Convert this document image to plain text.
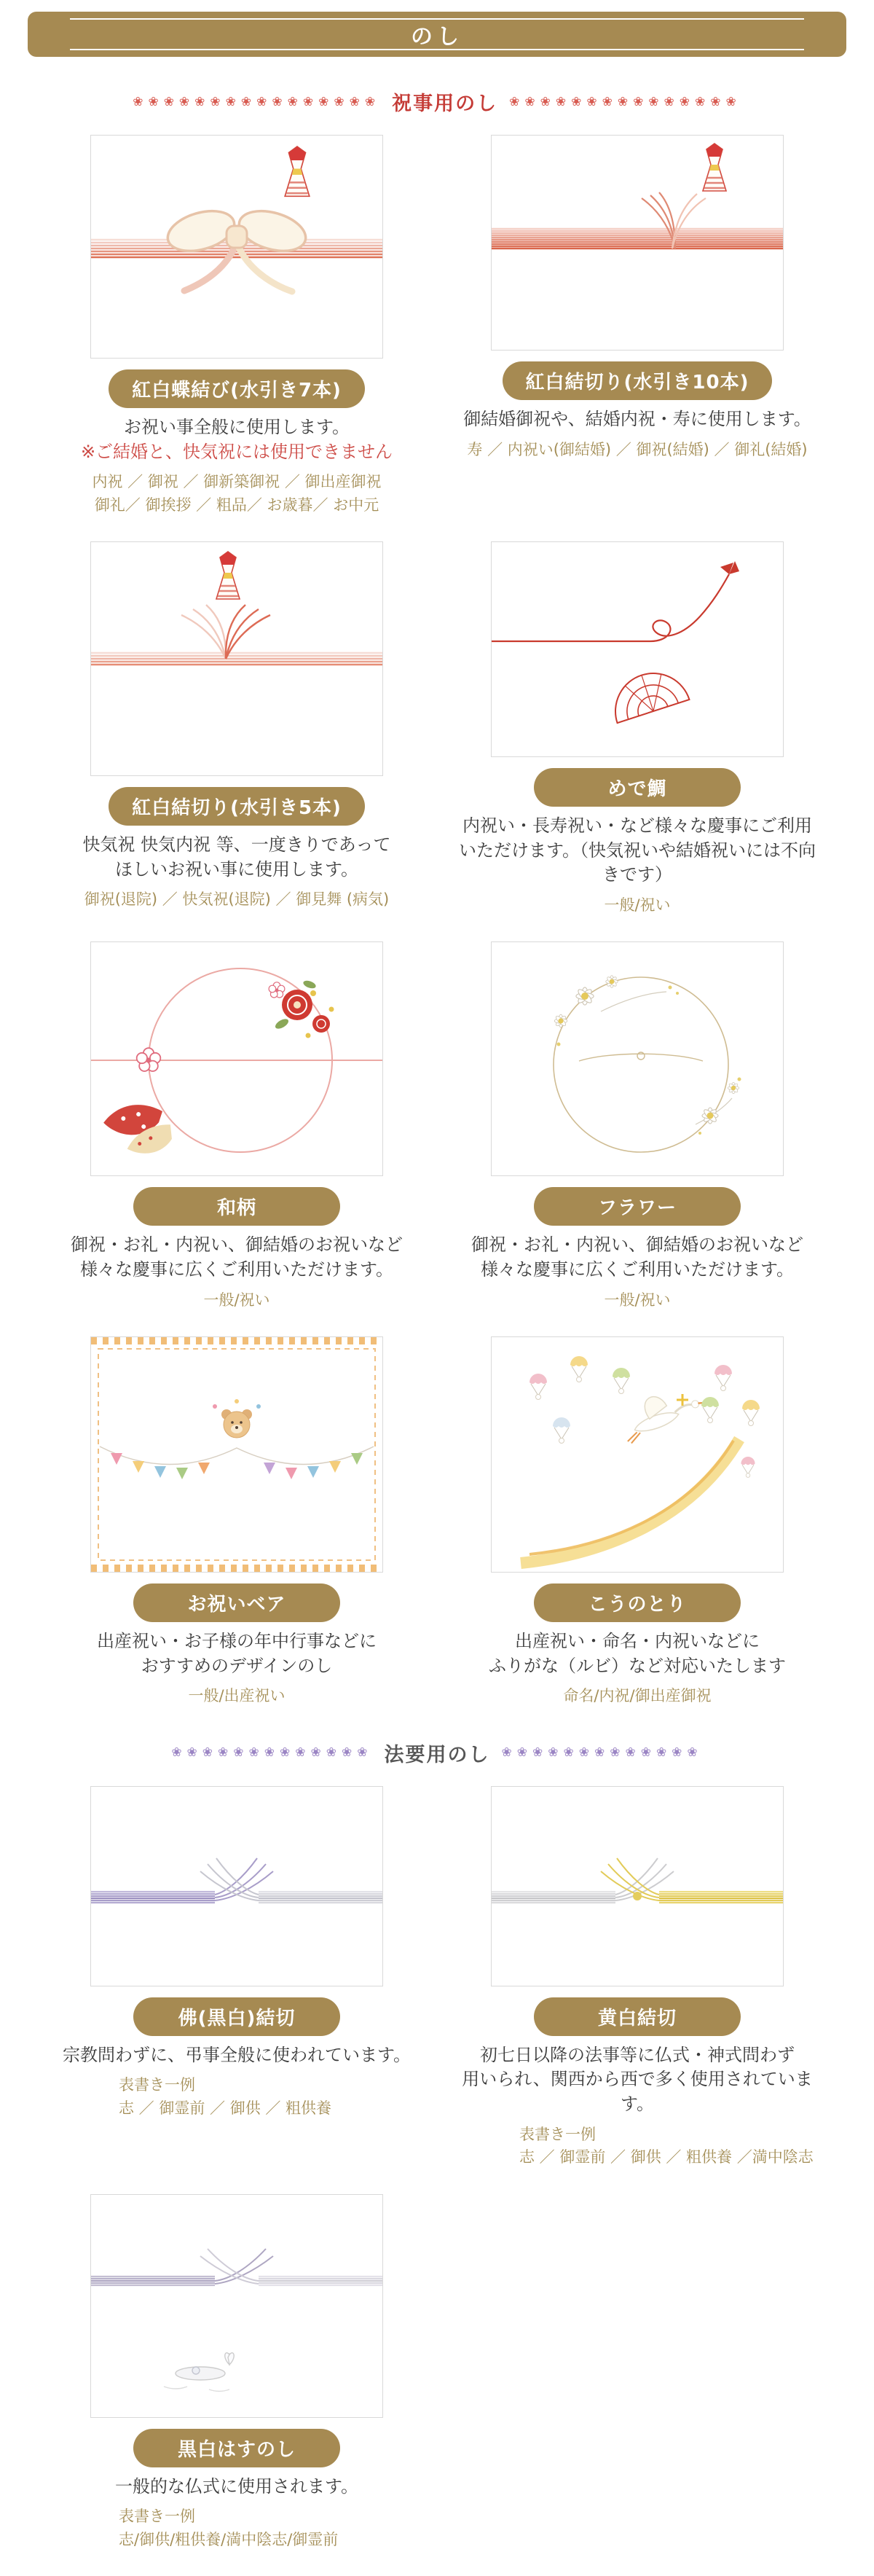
のし
❀❀❀❀❀❀❀❀❀❀❀❀❀❀❀❀ 祝事用のし ❀❀❀❀❀❀❀❀❀❀❀❀❀❀❀
紅白蝶結び(水引き7本)
お祝い事全般に使用します。
※ご結婚と、快気祝には使用できません
内祝 ／ 御祝 ／ 御新築御祝 ／ 御出産御祝
御礼／ 御挨拶 ／ 粗品／ お歳暮／ お中元
紅白結切り(水引き10本)
御結婚御祝や、結婚内祝・寿に使用します。
寿 ／ 内祝い(御結婚) ／ 御祝(結婚) ／ 御礼(結婚)
紅白結切り(水引き5本)
快気祝 快気内祝 等、一度きりであって
ほしいお祝い事に使用します。
御祝(退院) ／ 快気祝(退院) ／ 御見舞 (病気)
めで鯛
内祝い・長寿祝い・など様々な慶事にご利用
いただけます。（快気祝いや結婚祝いには不向きです）
一般/祝い
和柄
御祝・お礼・内祝い、御結婚のお祝いなど
様々な慶事に広くご利用いただけます。
一般/祝い
フラワー
御祝・お礼・内祝い、御結婚のお祝いなど
様々な慶事に広くご利用いただけます。
一般/祝い
お祝いベア
出産祝い・お子様の年中行事などに
おすすめのデザインのし
一般/出産祝い
こうのとり
出産祝い・命名・内祝いなどに
ふりがな（ルビ）など対応いたします
命名/内祝/御出産御祝
❀❀❀❀❀❀❀❀❀❀❀❀❀ 法要用のし ❀❀❀❀❀❀❀❀❀❀❀❀❀
佛(黒白)結切
宗教問わずに、弔事全般に使われています。
表書き一例
志 ／ 御霊前 ／ 御供 ／ 粗供養
黄白結切
初七日以降の法事等に仏式・神式問わず
用いられ、関西から西で多く使用されています。
表書き一例
志 ／ 御霊前 ／ 御供 ／ 粗供養 ／満中陰志
黒白はすのし
一般的な仏式に使用されます。
表書き一例
志/御供/粗供養/満中陰志/御霊前
